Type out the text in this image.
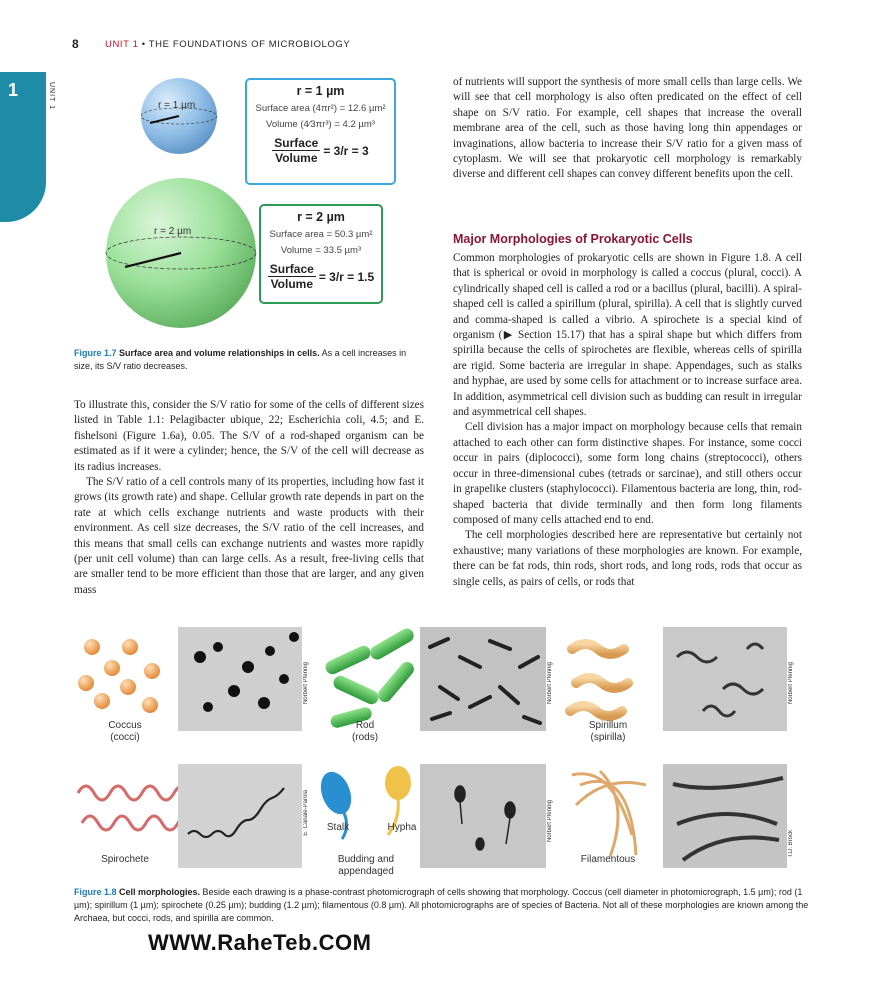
8	UNIT 1 • THE FOUNDATIONS OF MICROBIOLOGY
1	UNIT 1	r = 1 µm
r = 2 µm
r = 1 µm
Surface area (4πr²) = 12.6 µm²
Volume (4⁄3πr³) = 4.2 µm³
$\frac{\text{Surface}}{\text{Volume}} = 3/r = 3$
r = 2 µm
Surface area = 50.3 µm²
Volume = 33.5 µm³
$\frac{\text{Surface}}{\text{Volume}} = 3/r = 1.5$
Figure 1.7 Surface area and volume relationships in cells. As a cell increases in size, its S/V ratio decreases.

To illustrate this, consider the S/V ratio for some of the cells of different sizes listed in Table 1.1: Pelagibacter ubique, 22; Escherichia coli, 4.5; and E. fishelsoni (Figure 1.6a), 0.05. The S/V of a rod-shaped organism can be estimated as if it were a cylinder; hence, the S/V of the cell will decrease as its radius increases.

The S/V ratio of a cell controls many of its properties, including how fast it grows (its growth rate) and shape. Cellular growth rate depends in part on the rate at which cells exchange nutrients and waste products with their environment. As cell size decreases, the S/V ratio of the cell increases, and this means that small cells can exchange nutrients and wastes more rapidly (per unit cell volume) than can large cells. As a result, free-living cells that are smaller tend to be more efficient than those that are larger, and any given mass

of nutrients will support the synthesis of more small cells than large cells. We will see that cell morphology is also often predicated on the effect of cell shape on S/V ratio. For example, cell shapes that increase the overall membrane area of the cell, such as those having long thin appendages or invaginations, allow bacteria to increase their S/V ratio for a given mass of cytoplasm. We will see that prokaryotic cell morphology is remarkably diverse and different cell shapes can convey different benefits upon the cell.

Major Morphologies of Prokaryotic Cells

Common morphologies of prokaryotic cells are shown in Figure 1.8. A cell that is spherical or ovoid in morphology is called a coccus (plural, cocci). A cylindrically shaped cell is called a rod or a bacillus (plural, bacilli). A spiral-shaped cell is called a spirillum (plural, spirilla). A cell that is slightly curved and comma-shaped is called a vibrio. A spirochete is a special kind of organism (▶ Section 15.17) that has a spiral shape but which differs from spirilla because the cells of spirochetes are flexible, whereas cells of spirilla are rigid. Some bacteria are irregular in shape. Appendages, such as stalks and hyphae, are used by some cells for attachment or to increase surface area. In addition, asymmetrical cell division such as budding can result in irregular and asymmetrical cell shapes.

Cell division has a major impact on morphology because cells that remain attached to each other can form distinctive shapes. For instance, some cocci occur in pairs (diplococci), some form long chains (streptococci), others occur in three-dimensional cubes (tetrads or sarcinae), and still others occur in grapelike clusters (staphylococci). Filamentous bacteria are long, thin, rod-shaped bacteria that divide terminally and then form long filaments composed of many cells attached end to end.

The cell morphologies described here are representative but certainly not exhaustive; many variations of these morphologies are known. For example, there can be fat rods, thin rods, short rods, and long rods, rods that occur as single cells, as pairs of cells, or rods that

Norbert Pfennig	Norbert Pfennig	Norbert Pfennig
E. Canale-Parola	Norbert Pfennig
T.D. Brock
Coccus
(cocci)
Rod
(rods)
Spirillum
(spirilla)
Spirochete
Stalk	Hypha
Budding and
appendaged
Filamentous
Figure 1.8 Cell morphologies. Beside each drawing is a phase-contrast photomicrograph of cells showing that morphology. Coccus (cell diameter in photomicrograph, 1.5 µm); rod (1 µm); spirillum (1 µm); spirochete (0.25 µm); budding (1.2 µm); filamentous (0.8 µm). All photomicrographs are of species of Bacteria. Not all of these morphologies are known among the Archaea, but cocci, rods, and spirilla are common.
WWW.RaheTeb.COM
